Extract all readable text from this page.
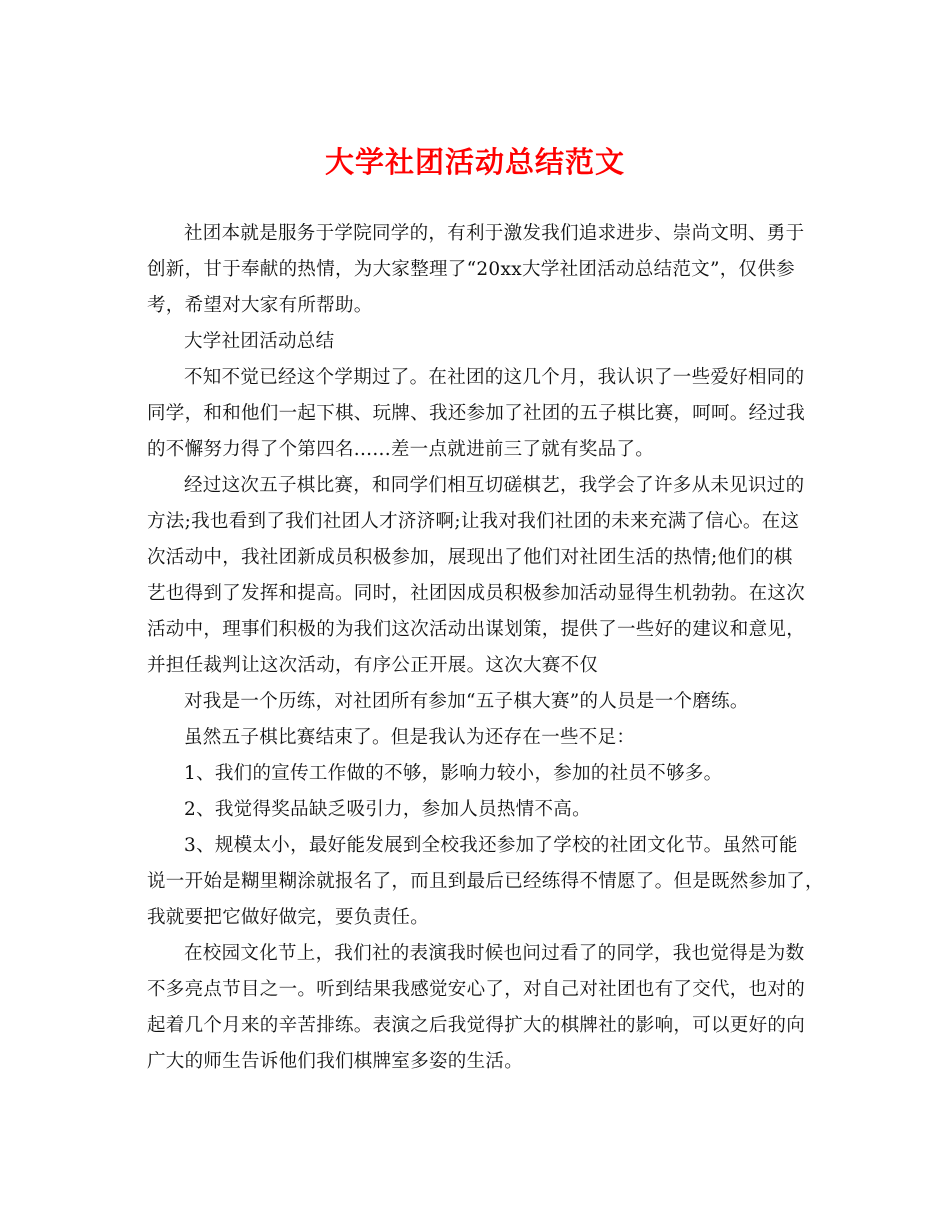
大学社团活动总结范文
社团本就是服务于学院同学的，有利于激发我们追求进步、崇尚文明、勇于
创新，甘于奉献的热情，为大家整理了“20xx大学社团活动总结范文”，仅供参
考，希望对大家有所帮助。
大学社团活动总结
不知不觉已经这个学期过了。在社团的这几个月，我认识了一些爱好相同的
同学，和和他们一起下棋、玩牌、我还参加了社团的五子棋比赛，呵呵。经过我
的不懈努力得了个第四名......差一点就进前三了就有奖品了。
经过这次五子棋比赛，和同学们相互切磋棋艺，我学会了许多从未见识过的
方法;我也看到了我们社团人才济济啊;让我对我们社团的未来充满了信心。在这
次活动中，我社团新成员积极参加，展现出了他们对社团生活的热情;他们的棋
艺也得到了发挥和提高。同时，社团因成员积极参加活动显得生机勃勃。在这次
活动中，理事们积极的为我们这次活动出谋划策，提供了一些好的建议和意见，
并担任裁判让这次活动，有序公正开展。这次大赛不仅
对我是一个历练，对社团所有参加“五子棋大赛”的人员是一个磨练。
虽然五子棋比赛结束了。但是我认为还存在一些不足：
1、我们的宣传工作做的不够，影响力较小，参加的社员不够多。
2、我觉得奖品缺乏吸引力，参加人员热情不高。
3、规模太小，最好能发展到全校我还参加了学校的社团文化节。虽然可能
说一开始是糊里糊涂就报名了，而且到最后已经练得不情愿了。但是既然参加了，
我就要把它做好做完，要负责任。
在校园文化节上，我们社的表演我时候也问过看了的同学，我也觉得是为数
不多亮点节目之一。听到结果我感觉安心了，对自己对社团也有了交代，也对的
起着几个月来的辛苦排练。表演之后我觉得扩大的棋牌社的影响，可以更好的向
广大的师生告诉他们我们棋牌室多姿的生活。
